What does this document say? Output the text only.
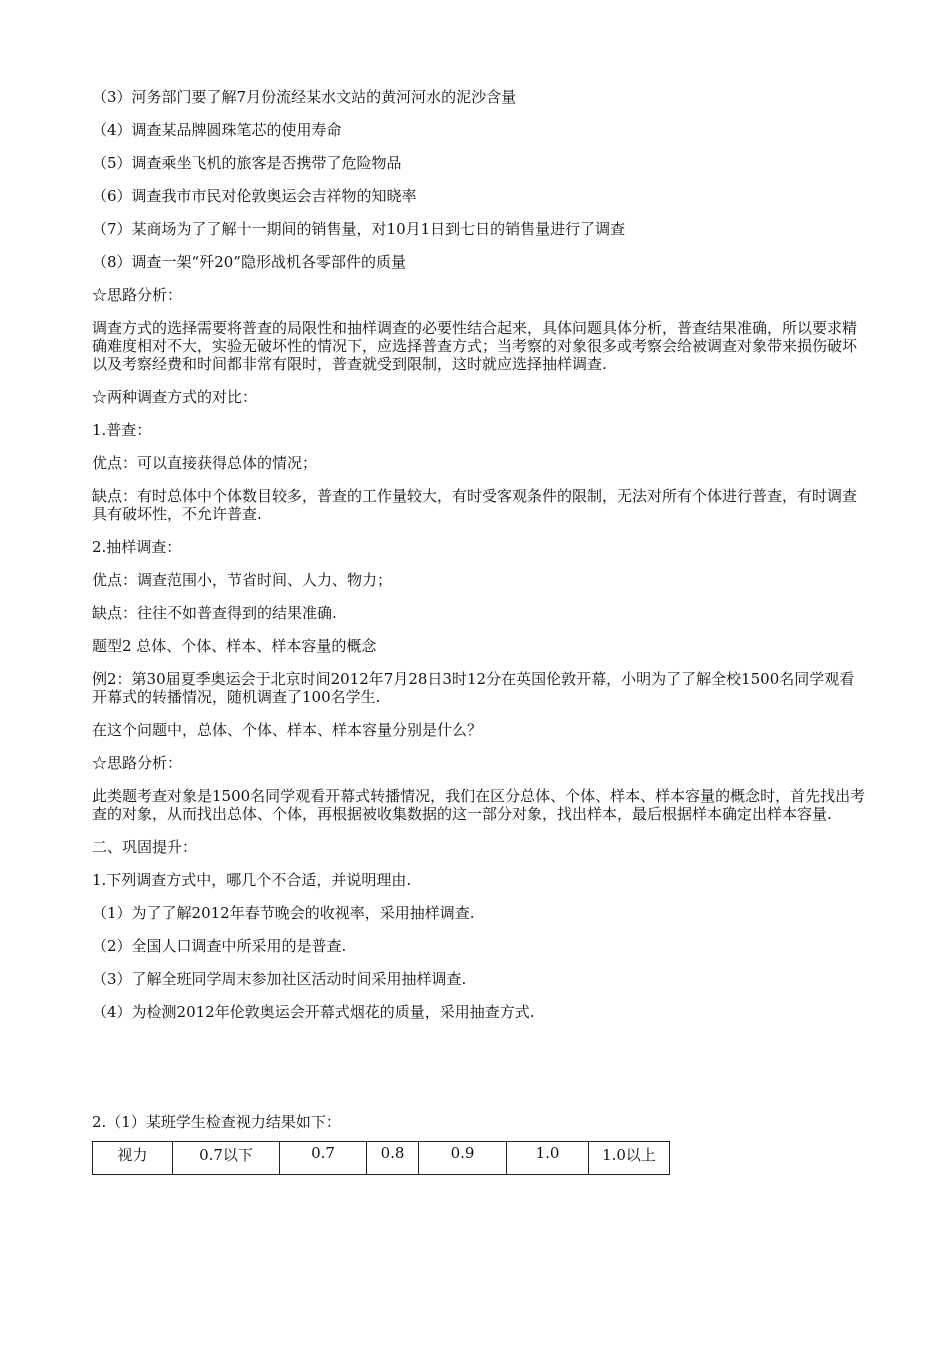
（3）河务部门要了解7月份流经某水文站的黄河河水的泥沙含量

（4）调查某品牌圆珠笔芯的使用寿命

（5）调查乘坐飞机的旅客是否携带了危险物品

（6）调查我市市民对伦敦奥运会吉祥物的知晓率

（7）某商场为了了解十一期间的销售量，对10月1日到七日的销售量进行了调查

（8）调查一架“歼20”隐形战机各零部件的质量

☆思路分析：

调查方式的选择需要将普查的局限性和抽样调查的必要性结合起来，具体问题具体分析，普查结果准确，所以要求精确难度相对不大，实验无破坏性的情况下，应选择普查方式；当考察的对象很多或考察会给被调查对象带来损伤破坏以及考察经费和时间都非常有限时，普查就受到限制，这时就应选择抽样调查.

☆两种调查方式的对比：

1.普查：

优点：可以直接获得总体的情况；

缺点：有时总体中个体数目较多，普查的工作量较大，有时受客观条件的限制，无法对所有个体进行普查，有时调查具有破坏性，不允许普查.

2.抽样调查：

优点：调查范围小，节省时间、人力、物力；

缺点：往往不如普查得到的结果准确.

题型2 总体、个体、样本、样本容量的概念

例2：第30届夏季奥运会于北京时间2012年7月28日3时12分在英国伦敦开幕，小明为了了解全校1500名同学观看开幕式的转播情况，随机调查了100名学生.

在这个问题中，总体、个体、样本、样本容量分别是什么？

☆思路分析：

此类题考查对象是1500名同学观看开幕式转播情况，我们在区分总体、个体、样本、样本容量的概念时，首先找出考查的对象，从而找出总体、个体，再根据被收集数据的这一部分对象，找出样本，最后根据样本确定出样本容量.

二、巩固提升：

1.下列调查方式中，哪几个不合适，并说明理由.

（1）为了了解2012年春节晚会的收视率，采用抽样调查.

（2）全国人口调查中所采用的是普查.

（3）了解全班同学周末参加社区活动时间采用抽样调查.

（4）为检测2012年伦敦奥运会开幕式烟花的质量，采用抽查方式.

2.（1）某班学生检查视力结果如下：

视力	0.7以下	0.7	0.8	0.9	1.0	1.0以上
